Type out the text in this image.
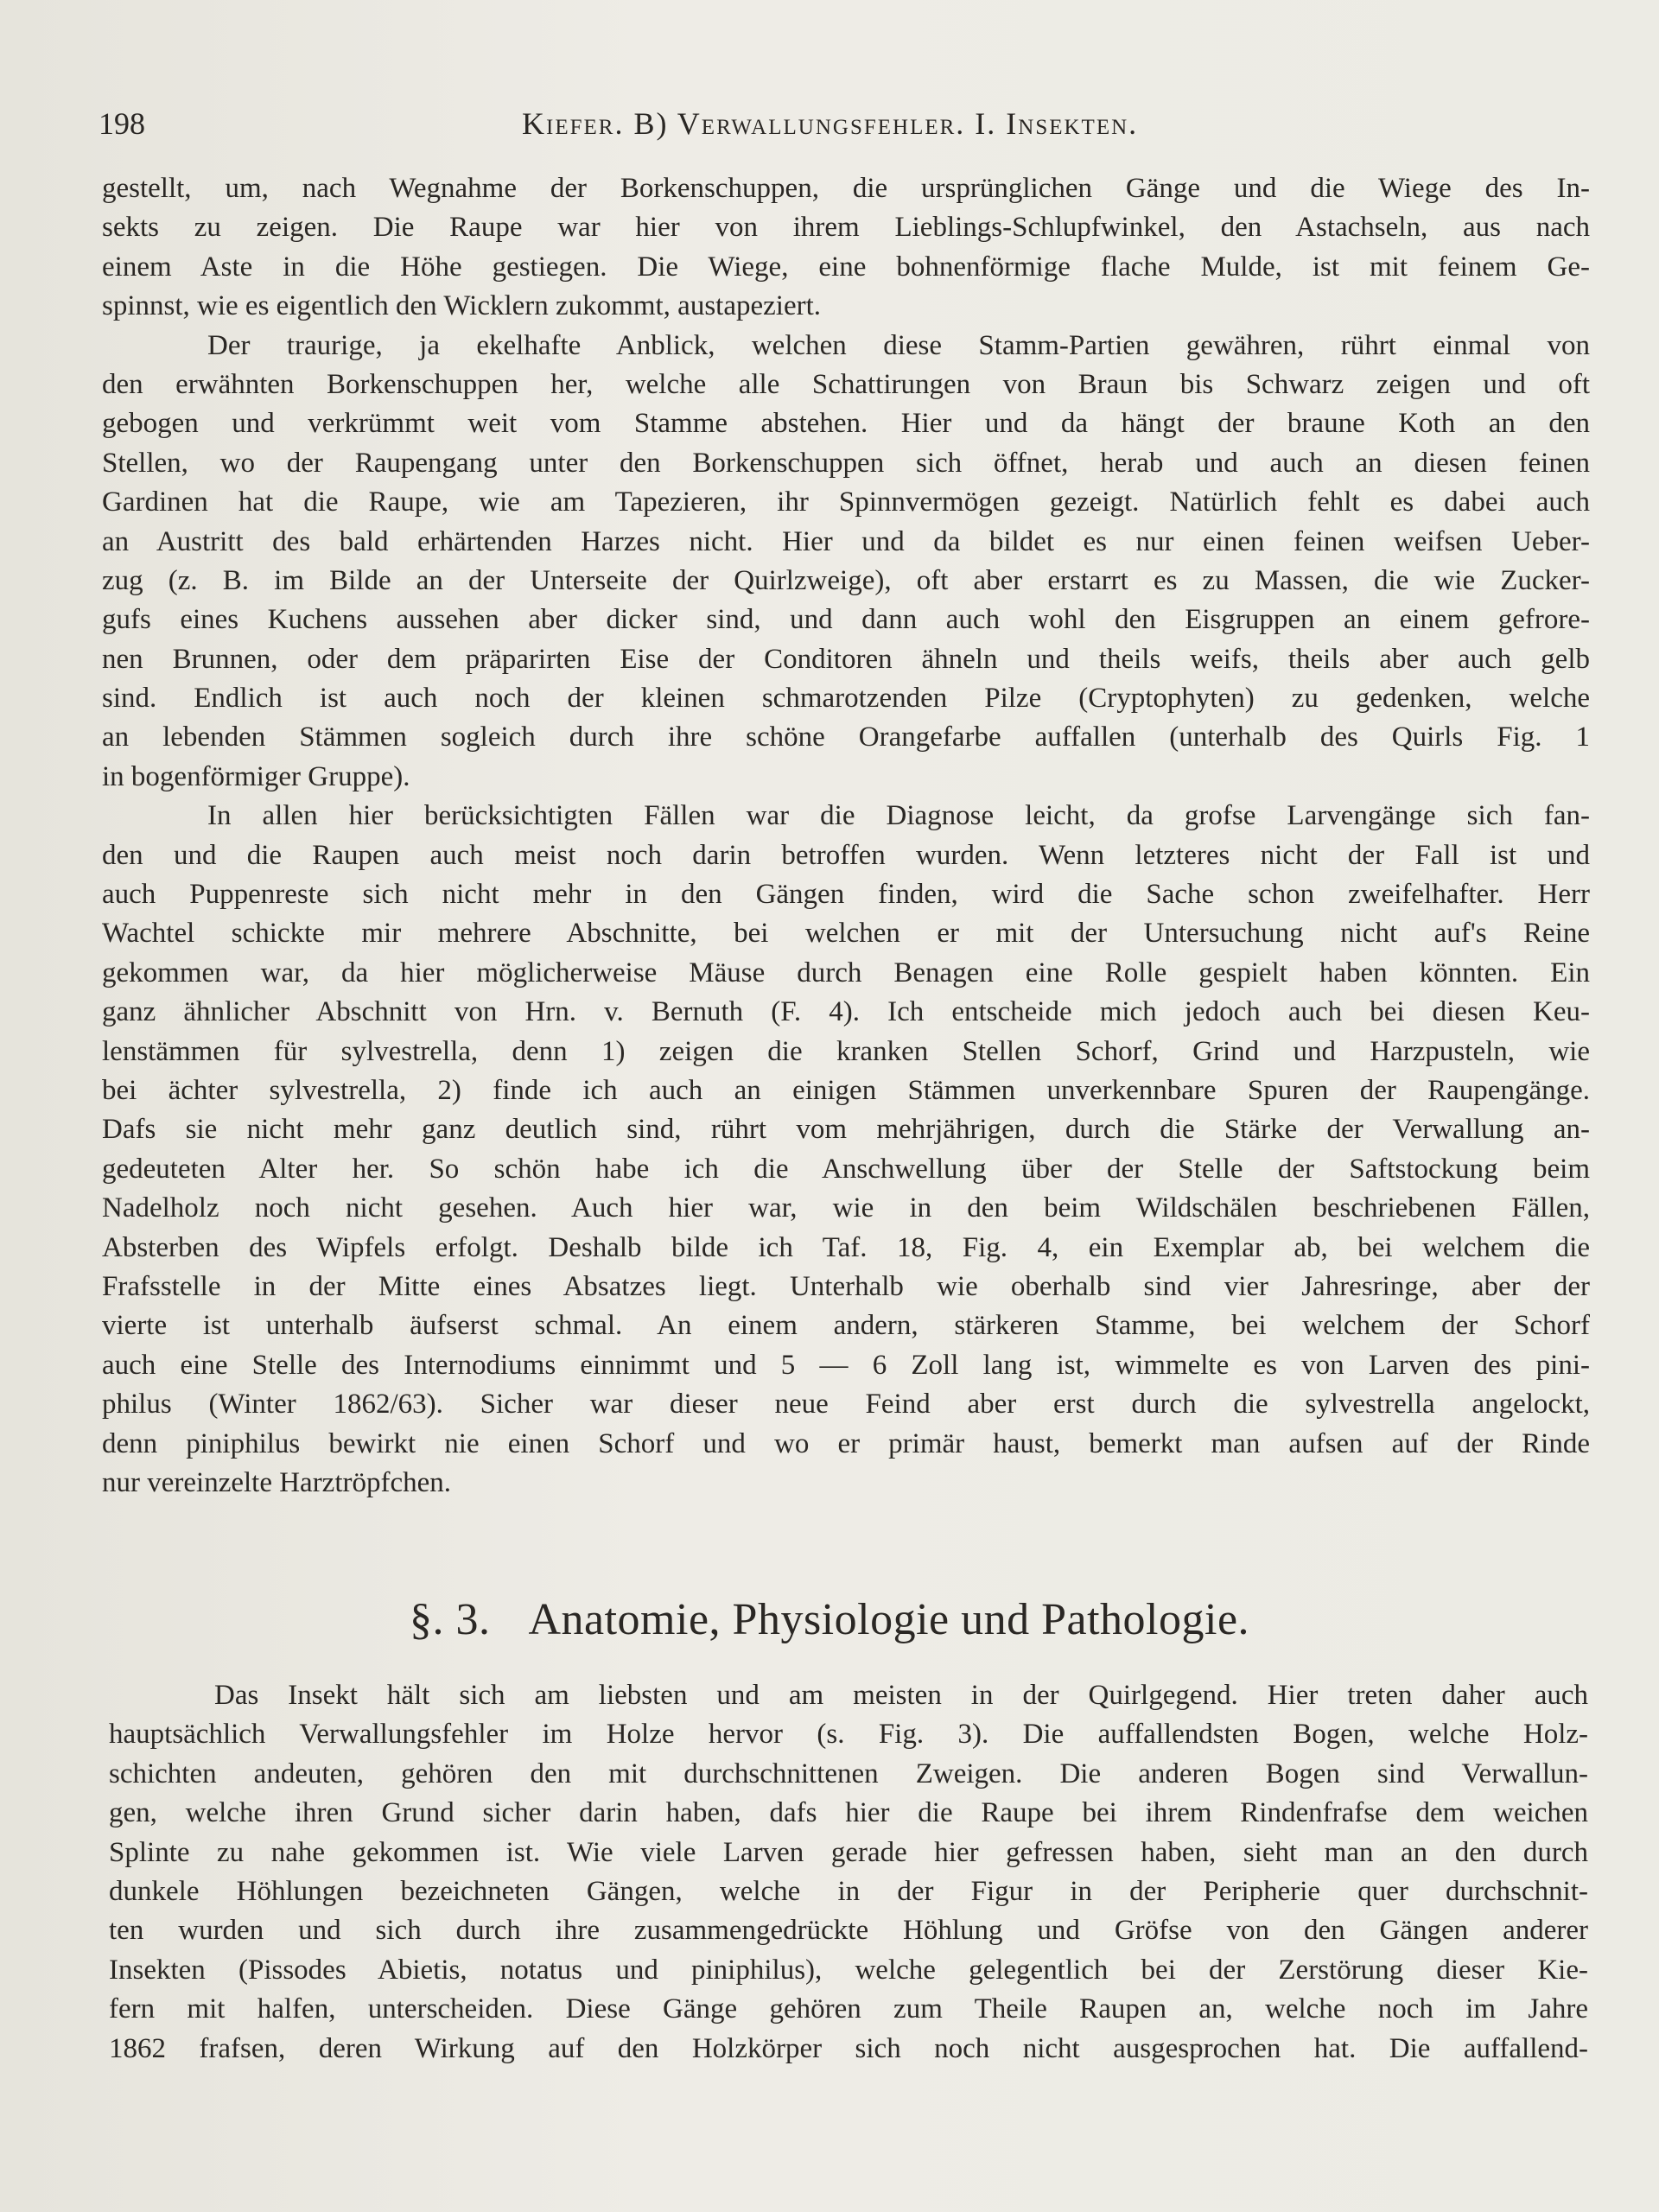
198	Kiefer. B) Verwallungsfehler. I. Insekten.
gestellt, um, nach Wegnahme der Borkenschuppen, die ursprünglichen Gänge und die Wiege des In-
sekts zu zeigen. Die Raupe war hier von ihrem Lieblings-Schlupfwinkel, den Astachseln, aus nach
einem Aste in die Höhe gestiegen. Die Wiege, eine bohnenförmige flache Mulde, ist mit feinem Ge-
spinnst, wie es eigentlich den Wicklern zukommt, austapeziert.
Der traurige, ja ekelhafte Anblick, welchen diese Stamm-Partien gewähren, rührt einmal von
den erwähnten Borkenschuppen her, welche alle Schattirungen von Braun bis Schwarz zeigen und oft
gebogen und verkrümmt weit vom Stamme abstehen. Hier und da hängt der braune Koth an den
Stellen, wo der Raupengang unter den Borkenschuppen sich öffnet, herab und auch an diesen feinen
Gardinen hat die Raupe, wie am Tapezieren, ihr Spinnvermögen gezeigt. Natürlich fehlt es dabei auch
an Austritt des bald erhärtenden Harzes nicht. Hier und da bildet es nur einen feinen weifsen Ueber-
zug (z. B. im Bilde an der Unterseite der Quirlzweige), oft aber erstarrt es zu Massen, die wie Zucker-
gufs eines Kuchens aussehen aber dicker sind, und dann auch wohl den Eisgruppen an einem gefrore-
nen Brunnen, oder dem präparirten Eise der Conditoren ähneln und theils weifs, theils aber auch gelb
sind. Endlich ist auch noch der kleinen schmarotzenden Pilze (Cryptophyten) zu gedenken, welche
an lebenden Stämmen sogleich durch ihre schöne Orangefarbe auffallen (unterhalb des Quirls Fig. 1
in bogenförmiger Gruppe).
In allen hier berücksichtigten Fällen war die Diagnose leicht, da grofse Larvengänge sich fan-
den und die Raupen auch meist noch darin betroffen wurden. Wenn letzteres nicht der Fall ist und
auch Puppenreste sich nicht mehr in den Gängen finden, wird die Sache schon zweifelhafter. Herr
Wachtel schickte mir mehrere Abschnitte, bei welchen er mit der Untersuchung nicht auf's Reine
gekommen war, da hier möglicherweise Mäuse durch Benagen eine Rolle gespielt haben könnten. Ein
ganz ähnlicher Abschnitt von Hrn. v. Bernuth (F. 4). Ich entscheide mich jedoch auch bei diesen Keu-
lenstämmen für sylvestrella, denn 1) zeigen die kranken Stellen Schorf, Grind und Harzpusteln, wie
bei ächter sylvestrella, 2) finde ich auch an einigen Stämmen unverkennbare Spuren der Raupengänge.
Dafs sie nicht mehr ganz deutlich sind, rührt vom mehrjährigen, durch die Stärke der Verwallung an-
gedeuteten Alter her. So schön habe ich die Anschwellung über der Stelle der Saftstockung beim
Nadelholz noch nicht gesehen. Auch hier war, wie in den beim Wildschälen beschriebenen Fällen,
Absterben des Wipfels erfolgt. Deshalb bilde ich Taf. 18, Fig. 4, ein Exemplar ab, bei welchem die
Frafsstelle in der Mitte eines Absatzes liegt. Unterhalb wie oberhalb sind vier Jahresringe, aber der
vierte ist unterhalb äufserst schmal. An einem andern, stärkeren Stamme, bei welchem der Schorf
auch eine Stelle des Internodiums einnimmt und 5 — 6 Zoll lang ist, wimmelte es von Larven des pini-
philus (Winter 1862/63). Sicher war dieser neue Feind aber erst durch die sylvestrella angelockt,
denn piniphilus bewirkt nie einen Schorf und wo er primär haust, bemerkt man aufsen auf der Rinde
nur vereinzelte Harztröpfchen.
§. 3. Anatomie, Physiologie und Pathologie.
Das Insekt hält sich am liebsten und am meisten in der Quirlgegend. Hier treten daher auch
hauptsächlich Verwallungsfehler im Holze hervor (s. Fig. 3). Die auffallendsten Bogen, welche Holz-
schichten andeuten, gehören den mit durchschnittenen Zweigen. Die anderen Bogen sind Verwallun-
gen, welche ihren Grund sicher darin haben, dafs hier die Raupe bei ihrem Rindenfrafse dem weichen
Splinte zu nahe gekommen ist. Wie viele Larven gerade hier gefressen haben, sieht man an den durch
dunkele Höhlungen bezeichneten Gängen, welche in der Figur in der Peripherie quer durchschnit-
ten wurden und sich durch ihre zusammengedrückte Höhlung und Gröfse von den Gängen anderer
Insekten (Pissodes Abietis, notatus und piniphilus), welche gelegentlich bei der Zerstörung dieser Kie-
fern mit halfen, unterscheiden. Diese Gänge gehören zum Theile Raupen an, welche noch im Jahre
1862 frafsen, deren Wirkung auf den Holzkörper sich noch nicht ausgesprochen hat. Die auffallend-
